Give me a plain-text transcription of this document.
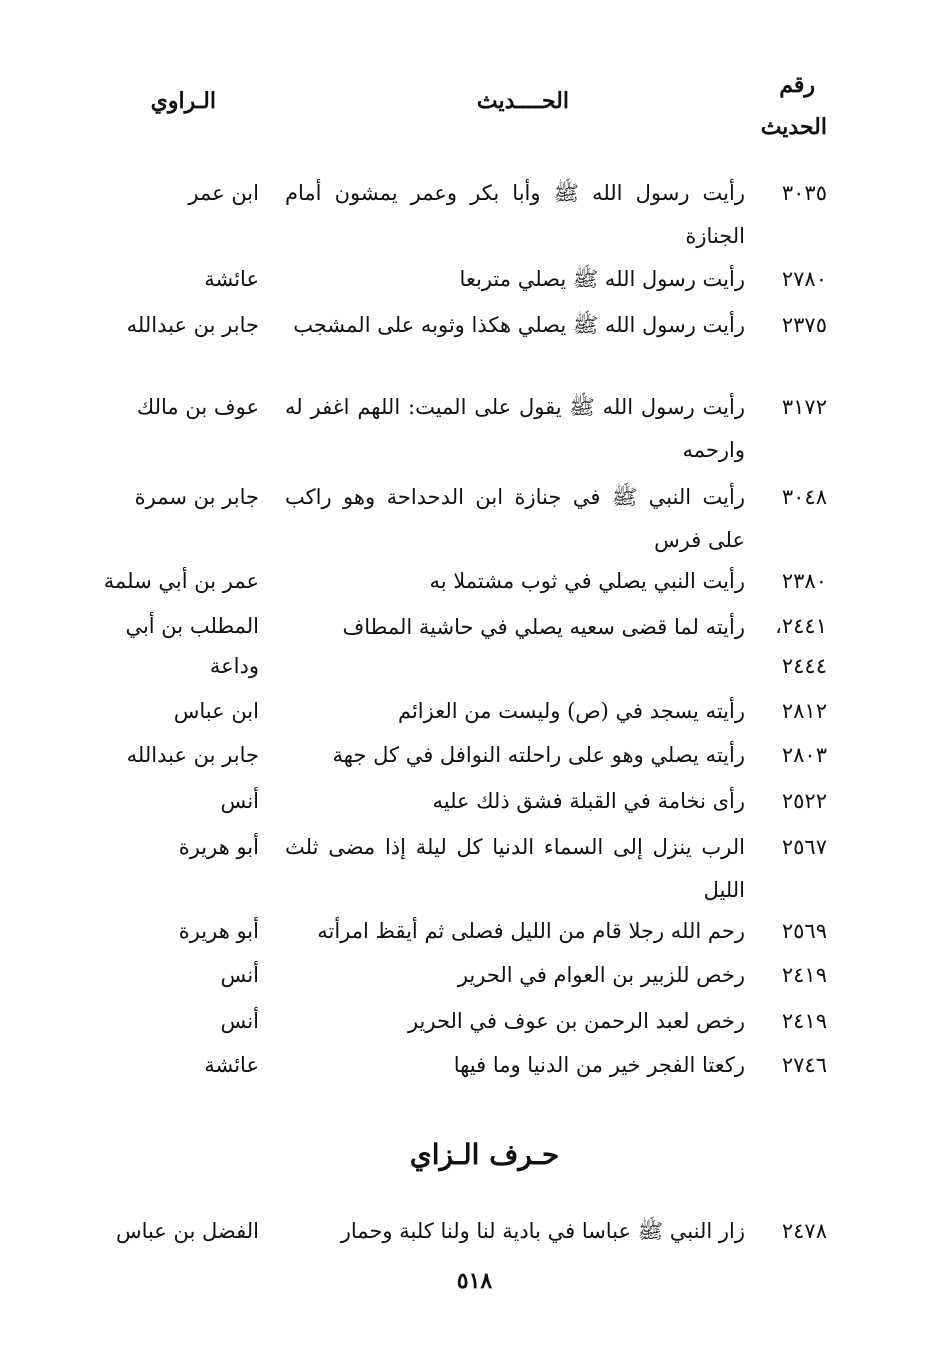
رقم
الحديث
الحــــديث
الـراوي
٣٠٣٥
رأيت رسول الله ﷺ وأبا بكر وعمر يمشون أمام الجنازة
ابن عمر
٢٧٨٠
رأيت رسول الله ﷺ يصلي متربعا
عائشة
٢٣٧٥
رأيت رسول الله ﷺ يصلي هكذا وثوبه على المشجب
جابر بن عبدالله
٣١٧٢
رأيت رسول الله ﷺ يقول على الميت: اللهم اغفر له وارحمه
عوف بن مالك
٣٠٤٨
رأيت النبي ﷺ في جنازة ابن الدحداحة وهو راكب على فرس
جابر بن سمرة
٢٣٨٠
رأيت النبي يصلي في ثوب مشتملا به
عمر بن أبي سلمة
٢٤٤١، ٢٤٤٤
رأيته لما قضى سعيه يصلي في حاشية المطاف
المطلب بن أبي وداعة
٢٨١٢
رأيته يسجد في (ص) وليست من العزائم
ابن عباس
٢٨٠٣
رأيته يصلي وهو على راحلته النوافل في كل جهة
جابر بن عبدالله
٢٥٢٢
رأى نخامة في القبلة فشق ذلك عليه
أنس
٢٥٦٧
الرب ينزل إلى السماء الدنيا كل ليلة إذا مضى ثلث الليل
أبو هريرة
٢٥٦٩
رحم الله رجلا قام من الليل فصلى ثم أيقظ امرأته
أبو هريرة
٢٤١٩
رخص للزبير بن العوام في الحرير
أنس
٢٤١٩
رخص لعبد الرحمن بن عوف في الحرير
أنس
٢٧٤٦
ركعتا الفجر خير من الدنيا وما فيها
عائشة
حـرف الـزاي
٢٤٧٨
زار النبي ﷺ عباسا في بادية لنا ولنا كلبة وحمار
الفضل بن عباس
٥١٨
